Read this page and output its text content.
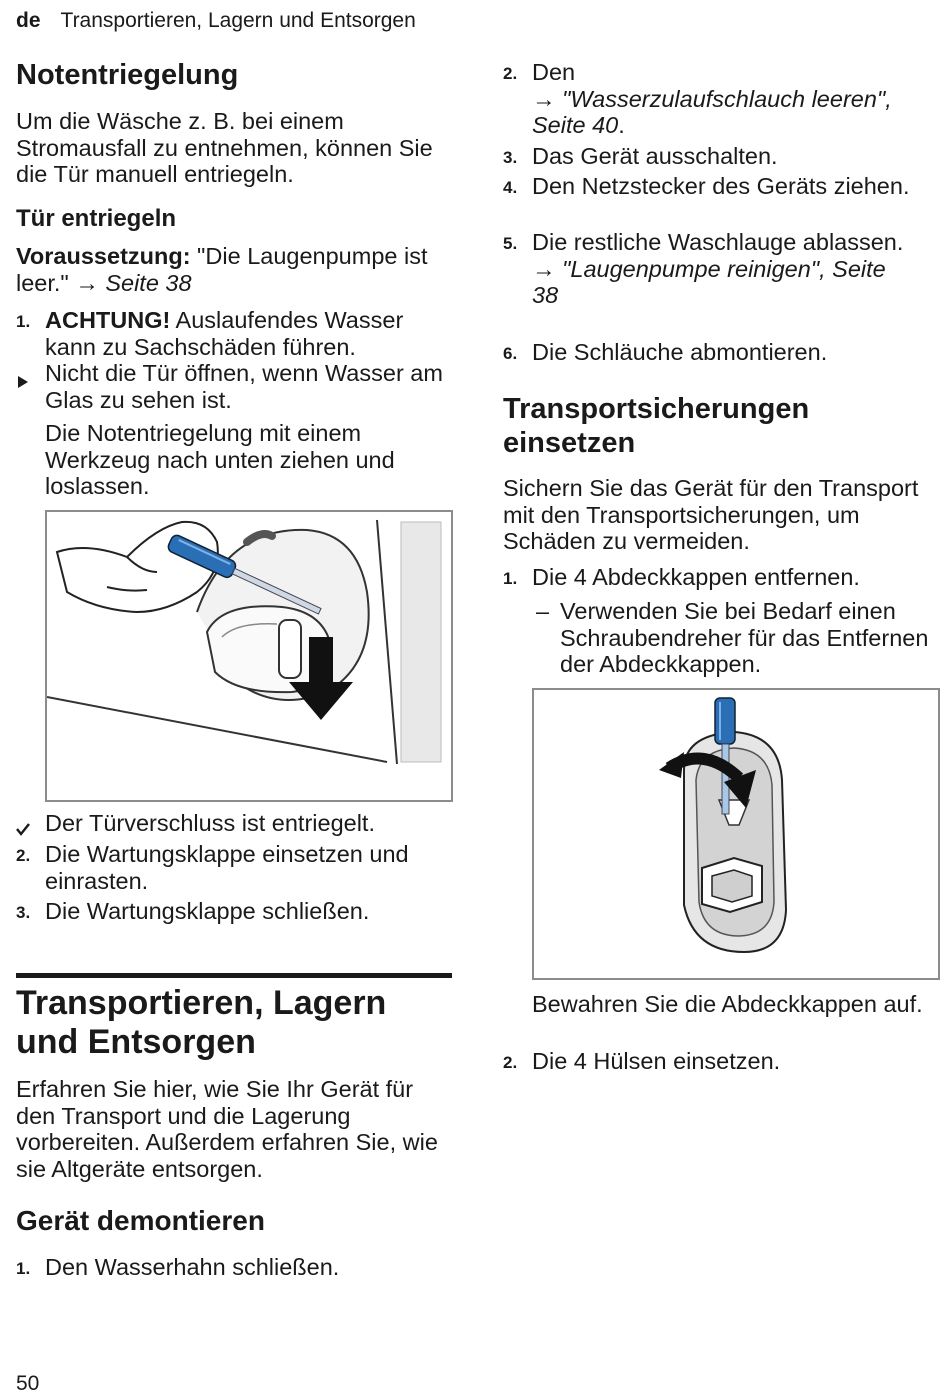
de Transportieren, Lagern und Entsorgen
Notentriegelung

Um die Wäsche z. B. bei einem Stromausfall zu entnehmen, können Sie die Tür manuell entriegeln.

Tür entriegeln

Voraussetzung: "Die Laugenpumpe ist leer." → Seite 38

1. ACHTUNG! Auslaufendes Wasser kann zu Sachschäden führen.
Nicht die Tür öffnen, wenn Wasser am Glas zu sehen ist.
Die Notentriegelung mit einem Werkzeug nach unten ziehen und loslassen.
Der Türverschluss ist entriegelt.
2. Die Wartungsklappe einsetzen und einrasten.
3. Die Wartungsklappe schließen.
Transportieren, Lagern und Entsorgen

Erfahren Sie hier, wie Sie Ihr Gerät für den Transport und die Lagerung vorbereiten. Außerdem erfahren Sie, wie sie Altgeräte entsorgen.

Gerät demontieren
1. Den Wasserhahn schließen.
2. Den
→ "Wasserzulaufschlauch leeren", Seite 40.
3. Das Gerät ausschalten.
4. Den Netzstecker des Geräts ziehen.
5. Die restliche Waschlauge ablassen.
→ "Laugenpumpe reinigen", Seite 38
6. Die Schläuche abmontieren.
Transportsicherungen einsetzen

Sichern Sie das Gerät für den Transport mit den Transportsicherungen, um Schäden zu vermeiden.

1. Die 4 Abdeckkappen entfernen.
– Verwenden Sie bei Bedarf einen Schraubendreher für das Entfernen der Abdeckkappen.
Bewahren Sie die Abdeckkappen auf.
2. Die 4 Hülsen einsetzen.
50
